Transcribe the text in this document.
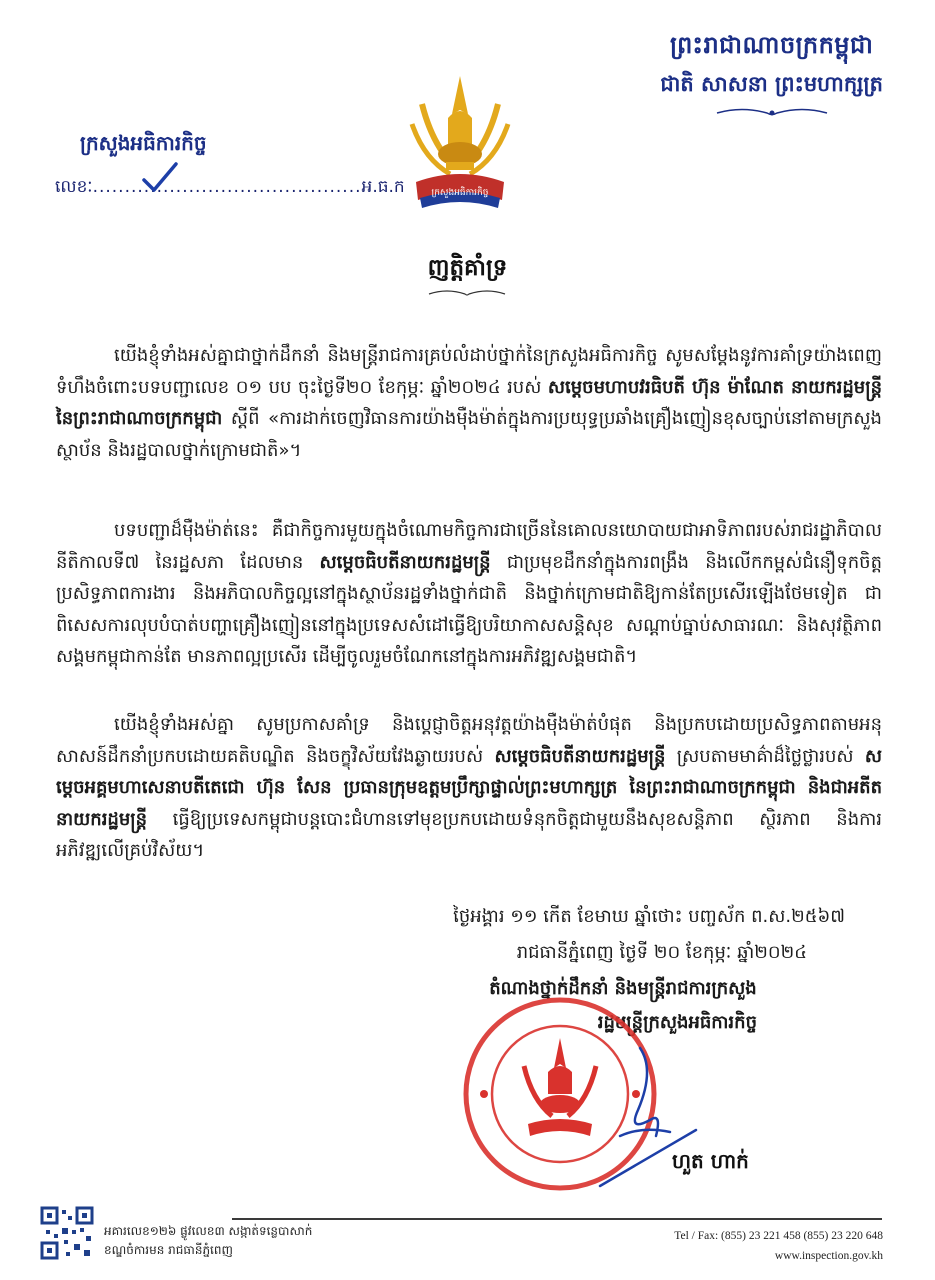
ព្រះរាជាណាចក្រកម្ពុជា
ជាតិ សាសនា ព្រះមហាក្សត្រ
ក្រសួងអធិការកិច្ច
ក្រសួងអធិការកិច្ច
លេខៈ..........................................អ.ធ.ក
ញត្តិគាំទ្រ
យើងខ្ញុំទាំងអស់គ្នាជាថ្នាក់ដឹកនាំ និងមន្ត្រីរាជការគ្រប់លំដាប់ថ្នាក់នៃក្រសួងអធិការកិច្ច សូមសម្តែងនូវការគាំទ្រយ៉ាងពេញទំហឹងចំពោះបទបញ្ជាលេខ ០១ បប ចុះថ្ងៃទី២០ ខែកុម្ភៈ ឆ្នាំ២០២៤ របស់ សម្តេចមហាបវរធិបតី ហ៊ុន ម៉ាណែត នាយករដ្ឋមន្ត្រី នៃព្រះរាជាណាចក្រកម្ពុជា ស្តីពី «ការដាក់ចេញវិធានការយ៉ាងម៉ឺងម៉ាត់ក្នុងការប្រយុទ្ធប្រឆាំងគ្រឿងញៀនខុសច្បាប់នៅតាមក្រសួង ស្ថាប័ន និងរដ្ឋបាលថ្នាក់ក្រោមជាតិ»។
បទបញ្ជាដ៏ម៉ឺងម៉ាត់នេះ គឺជាកិច្ចការមួយក្នុងចំណោមកិច្ចការជាច្រើននៃគោលនយោបាយជាអាទិភាពរបស់រាជរដ្ឋាភិបាល នីតិកាលទី៧ នៃរដ្ឋសភា ដែលមាន សម្តេចធិបតីនាយករដ្ឋមន្ត្រី ជាប្រមុខដឹកនាំក្នុងការពង្រឹង និងលើកកម្ពស់ជំនឿទុកចិត្ត ប្រសិទ្ធភាពការងារ និងអភិបាលកិច្ចល្អនៅក្នុងស្ថាប័នរដ្ឋទាំងថ្នាក់ជាតិ និងថ្នាក់ក្រោមជាតិឱ្យកាន់តែប្រសើរឡើងថែមទៀត ជាពិសេសការលុបបំបាត់បញ្ហាគ្រឿងញៀននៅក្នុងប្រទេសសំដៅធ្វើឱ្យបរិយាកាសសន្តិសុខ សណ្តាប់ធ្នាប់សាធារណៈ និងសុវត្ថិភាពសង្គមកម្ពុជាកាន់តែ មានភាពល្អប្រសើរ ដើម្បីចូលរួមចំណែកនៅក្នុងការអភិវឌ្ឍសង្គមជាតិ។
យើងខ្ញុំទាំងអស់គ្នា សូមប្រកាសគាំទ្រ និងប្តេជ្ញាចិត្តអនុវត្តយ៉ាងម៉ឺងម៉ាត់បំផុត និងប្រកបដោយប្រសិទ្ធភាពតាមអនុសាសន៍ដឹកនាំប្រកបដោយគតិបណ្ឌិត និងចក្ខុវិស័យវែងឆ្ងាយរបស់ សម្តេចធិបតីនាយករដ្ឋមន្ត្រី ស្របតាមមាគ៌ាដ៏ថ្លៃថ្លារបស់ សម្តេចអគ្គមហាសេនាបតីតេជោ ហ៊ុន សែន ប្រធានក្រុមឧត្តមប្រឹក្សាផ្ទាល់ព្រះមហាក្សត្រ នៃព្រះរាជាណាចក្រកម្ពុជា និងជាអតីតនាយករដ្ឋមន្ត្រី ធ្វើឱ្យប្រទេសកម្ពុជាបន្តបោះជំហានទៅមុខប្រកបដោយទំនុកចិត្តជាមួយនឹងសុខសន្តិភាព ស្ថិរភាព និងការអភិវឌ្ឍលើគ្រប់វិស័យ។
ថ្ងៃអង្គារ ១១ កើត ខែមាឃ ឆ្នាំថោះ បញ្ចស័ក ព.ស.២៥៦៧
រាជធានីភ្នំពេញ ថ្ងៃទី ២០ ខែកុម្ភៈ ឆ្នាំ២០២៤
តំណាងថ្នាក់ដឹកនាំ និងមន្ត្រីរាជការក្រសួង
រដ្ឋមន្ត្រីក្រសួងអធិការកិច្ច
ហួត ហាក់
អគារលេខ១២៦ ផ្លូវលេខ៣ សង្កាត់ទន្លេបាសាក់
ខណ្ឌចំការមន រាជធានីភ្នំពេញ
Tel / Fax: (855) 23 221 458 (855) 23 220 648
www.inspection.gov.kh
